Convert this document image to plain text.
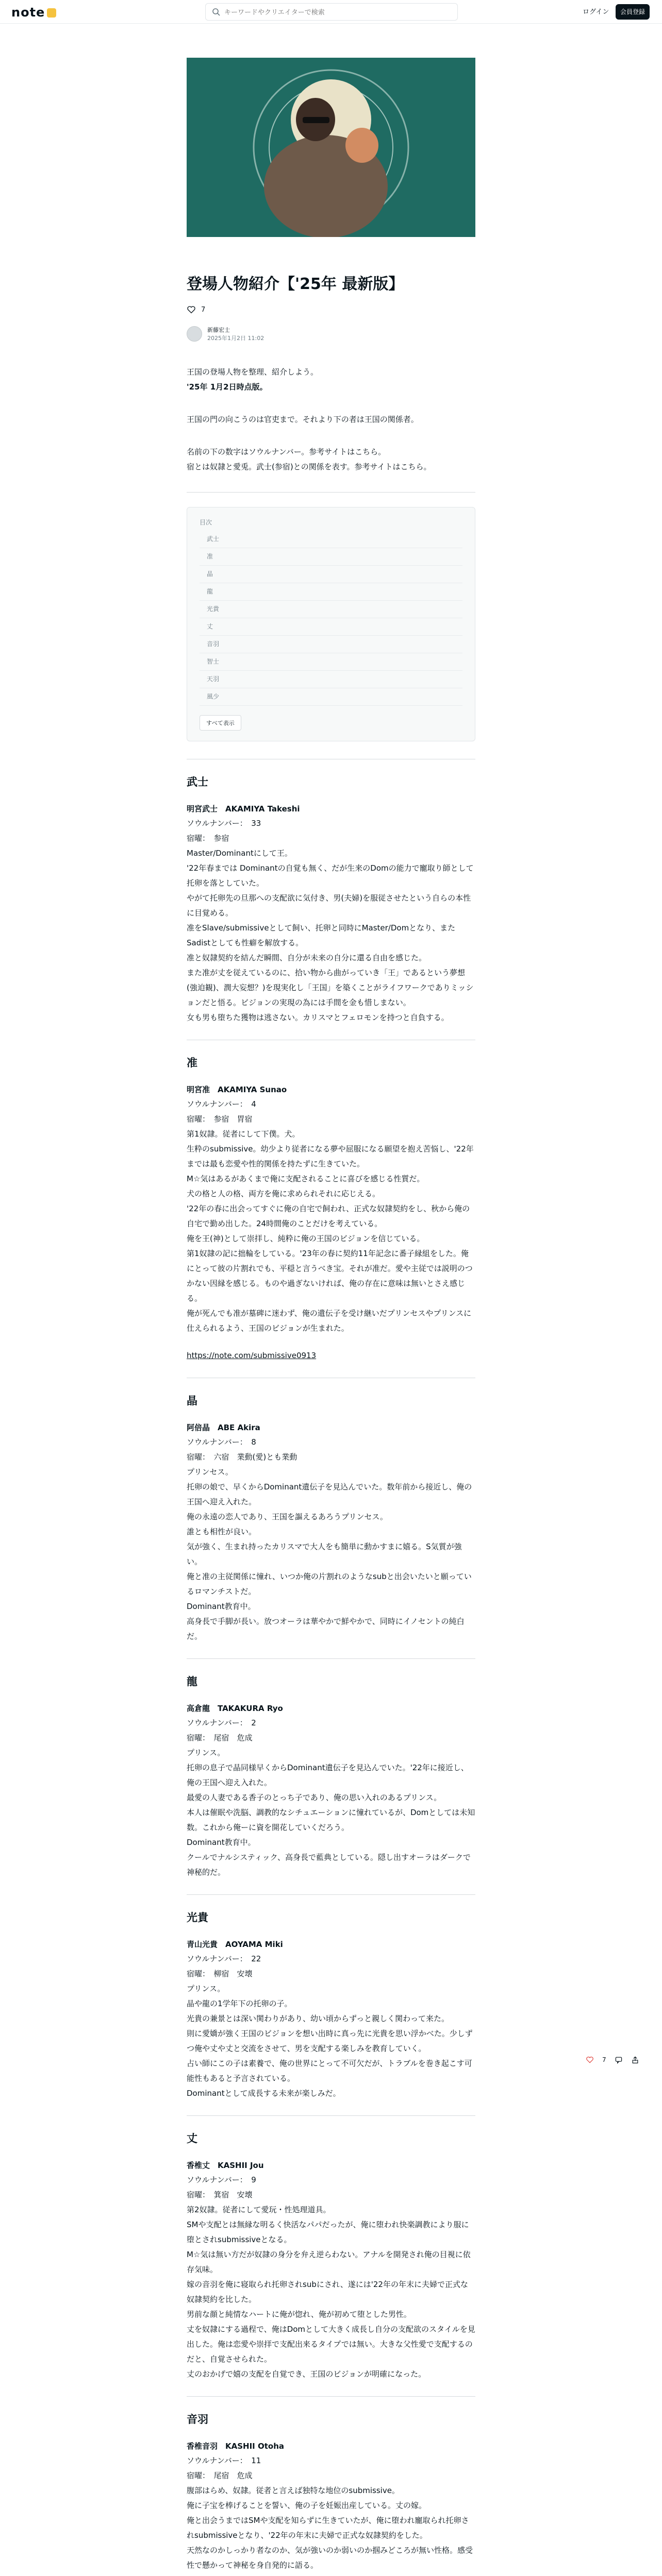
note
キーワードやクリエイターで検索	ログイン	会員登録
登場人物紹介【'25年 最新版】
7
新藤宏士
2025年1月2日 11:02

王国の登場人物を整理、紹介しよう。

'25年 1月2日時点版。

王国の門の向こうのは官吏まで。それより下の者は王国の関係者。

名前の下の数字はソウルナンバー。参考サイトはこちら。

宿とは奴隷と愛兎。武士(参宿)との関係を表す。参考サイトはこちら。

目次
武士
准
晶
龍
光貴
丈
音羽
智士
天羽
風少
すべて表示
武士

明宮武士　AKAMIYA Takeshi

ソウルナンバー：　33

宿曜：　参宿

Master/Dominantにして王。

'22年春までは Dominantの自覚も無く、だが生来のDomの能力で寵取り師として托卵を落としていた。

やがて托卵先の旦那への支配欲に気付き、男(夫婦)を服従させたという自らの本性に目覚める。

准をSlave/submissiveとして飼い、托卵と同時にMaster/Domとなり、またSadistとしても性癖を解放する。

准と奴隷契約を結んだ瞬間、自分が未来の自分に還る自由を感じた。

また准が丈を従えているのに、拾い物から曲がっていき「王」であるという夢想(強迫観)、潤大妄想？)を現実化し「王国」を築くことがライフワークでありミッションだと悟る。ビジョンの実現の為には手間を金も惜しまない。

女も男も堕ちた獲物は逃さない。カリスマとフェロモンを持つと自負する。

准

明宮准　AKAMIYA Sunao

ソウルナンバー：　4

宿曜：　参宿　胃宿

第1奴隷。従者にして下僕。犬。

生粋のsubmissive。幼少より従者になる夢や屈服になる願望を抱え苦悩し、'22年までは最も恋愛や性的関係を持たずに生きていた。

M☆気はあるがあくまで俺に支配されることに喜びを感じる性質だ。

犬の格と人の格、両方を俺に求められそれに応じえる。

'22年の春に出会ってすぐに俺の自宅で飼われ、正式な奴隷契約をし、秋から俺の自宅で勤め出した。24時間俺のことだけを考えている。

俺を王(神)として崇拝し、純粋に俺の王国のビジョンを信じている。

第1奴隷の記に拙輪をしている。'23年の春に契約11年記念に番子縁組をした。俺にとって彼の片割れでも、平穏と言うべき宝。それが准だ。愛や主従では説明のつかない因縁を感じる。ものや過ぎないければ、俺の存在に意味は無いとさえ感じる。

俺が死んでも准が墓碑に迷わず、俺の遺伝子を受け継いだプリンセスやプリンスに仕えられるよう、王国のビジョンが生まれた。

https://note.com/submissive0913

晶

阿倍晶　ABE Akira

ソウルナンバー：　8

宿曜：　六宿　業動(愛)とも業動

プリンセス。

托卵の娘で、早くからDominant遺伝子を見込んでいた。数年前から接近し、俺の王国へ迎え入れた。

俺の永遠の恋人であり、王国を謳えるあろうプリンセス。

誰とも相性が良い。

気が強く、生まれ持ったカリスマで大人をも簡単に動かすまに嬉る。S気質が強い。

俺と准の主従関係に憧れ、いつか俺の片割れのようなsubと出会いたいと願っているロマンチストだ。

Dominant教育中。

高身長で手脚が長い。放つオーラは華やかで鮮やかで、同時にイノセントの純白だ。

龍

高倉龍　TAKAKURA Ryo

ソウルナンバー：　2

宿曜：　尾宿　危成

プリンス。

托卵の息子で晶同様早くからDominant遺伝子を見込んでいた。'22年に接近し、俺の王国へ迎え入れた。

最愛の人妻である香子のとっち子であり、俺の思い入れのあるプリンス。

本人は催眠や洗脳、調教的なシチュエーションに憧れているが、Domとしては未知数。これから俺ーに資を開花していくだろう。

Dominant教育中。

クールでナルシスティック、高身長で藍典としている。隠し出すオーラはダークで神秘的だ。

光貴

青山光貴　AOYAMA Miki

ソウルナンバー：　22

宿曜：　柳宿　安壊

プリンス。

晶や龍の1学年下の托卵の子。

光貴の兼景とは深い関わりがあり、幼い頃からずっと親しく関わって来た。

則に愛嬌が強く王国のビジョンを想い出時に真っ先に光貴を思い浮かべた。少しずつ俺や丈や丈と交流をさせて、男を支配する楽しみを教育していく。

占い師にこの子は素養で、俺の世界にとって不可欠だが、トラブルを巻き起こす可能性もあると予言されている。

Dominantとして成長する未来が楽しみだ。

丈

香椎丈　KASHII Jou

ソウルナンバー：　9

宿曜：　箕宿　安壊

第2奴隷。従者にして愛玩・性処理道具。

SMや支配とは無縁な明るく快活なパパだったが、俺に堕われ快楽調教により服に堕とされsubmissiveとなる。

M☆気は無い方だが奴隷の身分を弁え逆らわない。アナルを開発され俺の目視に依存気味。

嫁の音羽を俺に寝取られ托卵されsubにされ、遂には'22年の年末に夫婦で正式な奴隷契約を比した。

男前な顔と純情なハートに俺が惚れ、俺が初めて堕とした男性。

丈を奴隷にする過程で、俺はDomとして大きく成長し自分の支配欲のスタイルを見出した。俺は恋愛や崇拝で支配出来るタイプでは無い。大きな父性愛で支配するのだと、自覚させられた。

丈のおかげで嬉の支配を自覚でき、王国のビジョンが明確になった。

音羽

香椎音羽　KASHII Otoha

ソウルナンバー：　11

宿曜：　尾宿　危成

腹部はらめ、奴隷。従者と言えば独特な地位のsubmissive。

俺に子宝を棒げることを誓い、俺の子を妊娠出産している。丈の嫁。

俺と出会うまではSMや支配を知らずに生きていたが、俺に堕われ寵取られ托卵されsubmissiveとなり、'22年の年末に夫婦で正式な奴隷契約をした。

天然なのかしっかり者なのか、気が強いのか弱いのか掴みどころが無い性格。感受性で懸かって神秘を身自発的に語る。

7
